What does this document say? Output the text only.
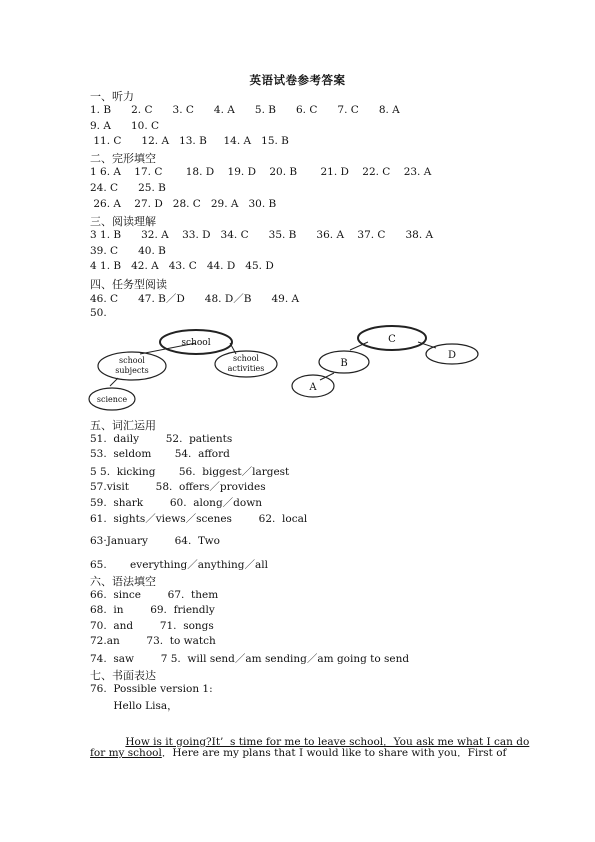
英语试卷参考答案
一、听力
1. B      2. C      3. C      4. A      5. B      6. C      7. C      8. A
9. A      10. C
11. C      12. A   13. B     14. A   15. B
二、完形填空
1 6. A    17. C       18. D    19. D    20. B       21. D    22. C    23. A
24. C      25. B
26. A    27. D   28. C   29. A   30. B
三、阅读理解
3 1. B      32. A    33. D   34. C      35. B      36. A    37. C      38. A
39. C      40. B
4 1. B   42. A   43. C   44. D   45. D
四、任务型阅读
46. C      47. B／D      48. D／B      49. A
50.
school
school
subjects
school
activities
science
C
B
D
A
五、词汇运用
51.  daily        52.  patients
53.  seldom       54.  afford
5 5.  kicking       56.  biggest／largest
57.visit        58.  offers／provides
59.  shark        60.  along／down
61.  sights／views／scenes        62.  local
63·January        64.  Two
65.       everything／anything／all
六、语法填空
66.  since        67.  them
68.  in        69.  friendly
70.  and        71.  songs
72.an        73.  to watch
74.  saw        7 5.  will send／am sending／am going to send
七、书面表达
76.  Possible version 1:
Hello Lisa，

How is it going?It’  s time for me to leave school．You ask me what I can do

for my school．Here are my plans that I would like to share with you．First of
